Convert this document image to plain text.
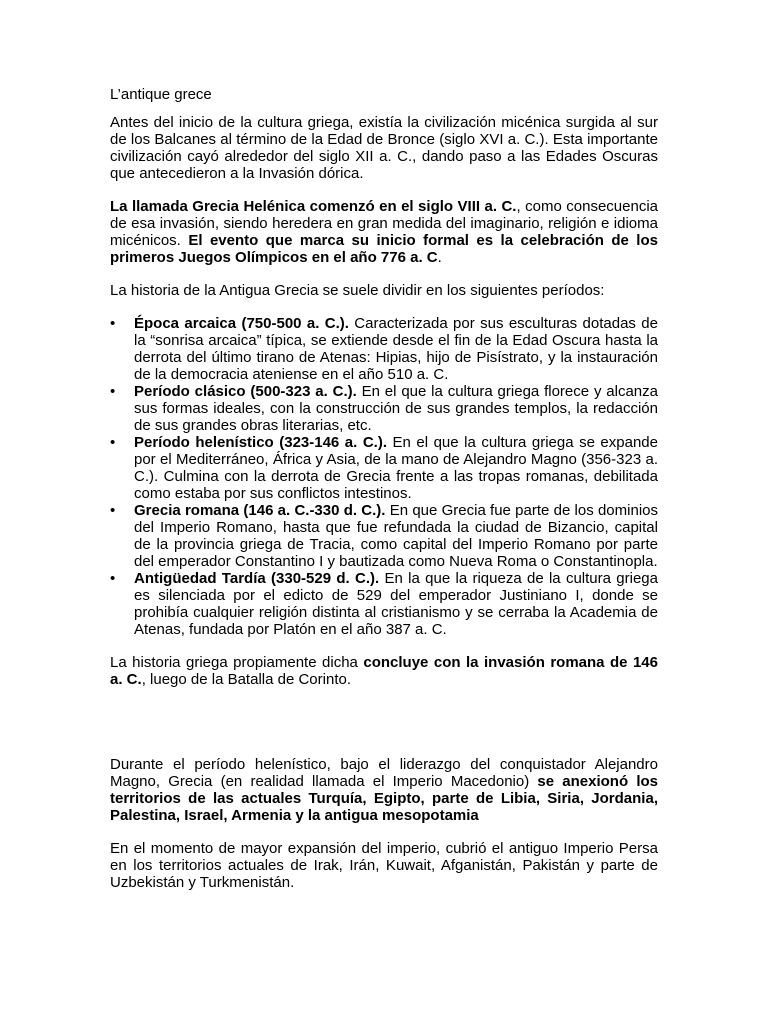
L’antique grece

Antes del inicio de la cultura griega, existía la civilización micénica surgida al sur de los Balcanes al término de la Edad de Bronce (siglo XVI a. C.). Esta importante civilización cayó alrededor del siglo XII a. C., dando paso a las Edades Oscuras que antecedieron a la Invasión dórica.

La llamada Grecia Helénica comenzó en el siglo VIII a. C., como consecuencia de esa invasión, siendo heredera en gran medida del imaginario, religión e idioma micénicos. El evento que marca su inicio formal es la celebración de los primeros Juegos Olímpicos en el año 776 a. C.

La historia de la Antigua Grecia se suele dividir en los siguientes períodos:

• Época arcaica (750-500 a. C.). Caracterizada por sus esculturas dotadas de la “sonrisa arcaica” típica, se extiende desde el fin de la Edad Oscura hasta la derrota del último tirano de Atenas: Hipias, hijo de Pisístrato, y la instauración de la democracia ateniense en el año 510 a. C.
• Período clásico (500-323 a. C.). En el que la cultura griega florece y alcanza sus formas ideales, con la construcción de sus grandes templos, la redacción de sus grandes obras literarias, etc.
• Período helenístico (323-146 a. C.). En el que la cultura griega se expande por el Mediterráneo, África y Asia, de la mano de Alejandro Magno (356-323 a. C.). Culmina con la derrota de Grecia frente a las tropas romanas, debilitada como estaba por sus conflictos intestinos.
• Grecia romana (146 a. C.-330 d. C.). En que Grecia fue parte de los dominios del Imperio Romano, hasta que fue refundada la ciudad de Bizancio, capital de la provincia griega de Tracia, como capital del Imperio Romano por parte del emperador Constantino I y bautizada como Nueva Roma o Constantinopla.
• Antigüedad Tardía (330-529 d. C.). En la que la riqueza de la cultura griega es silenciada por el edicto de 529 del emperador Justiniano I, donde se prohibía cualquier religión distinta al cristianismo y se cerraba la Academia de Atenas, fundada por Platón en el año 387 a. C.

La historia griega propiamente dicha concluye con la invasión romana de 146 a. C., luego de la Batalla de Corinto.

Durante el período helenístico, bajo el liderazgo del conquistador Alejandro Magno, Grecia (en realidad llamada el Imperio Macedonio) se anexionó los territorios de las actuales Turquía, Egipto, parte de Libia, Siria, Jordania, Palestina, Israel, Armenia y la antigua mesopotamia

En el momento de mayor expansión del imperio, cubrió el antiguo Imperio Persa en los territorios actuales de Irak, Irán, Kuwait, Afganistán, Pakistán y parte de Uzbekistán y Turkmenistán.
